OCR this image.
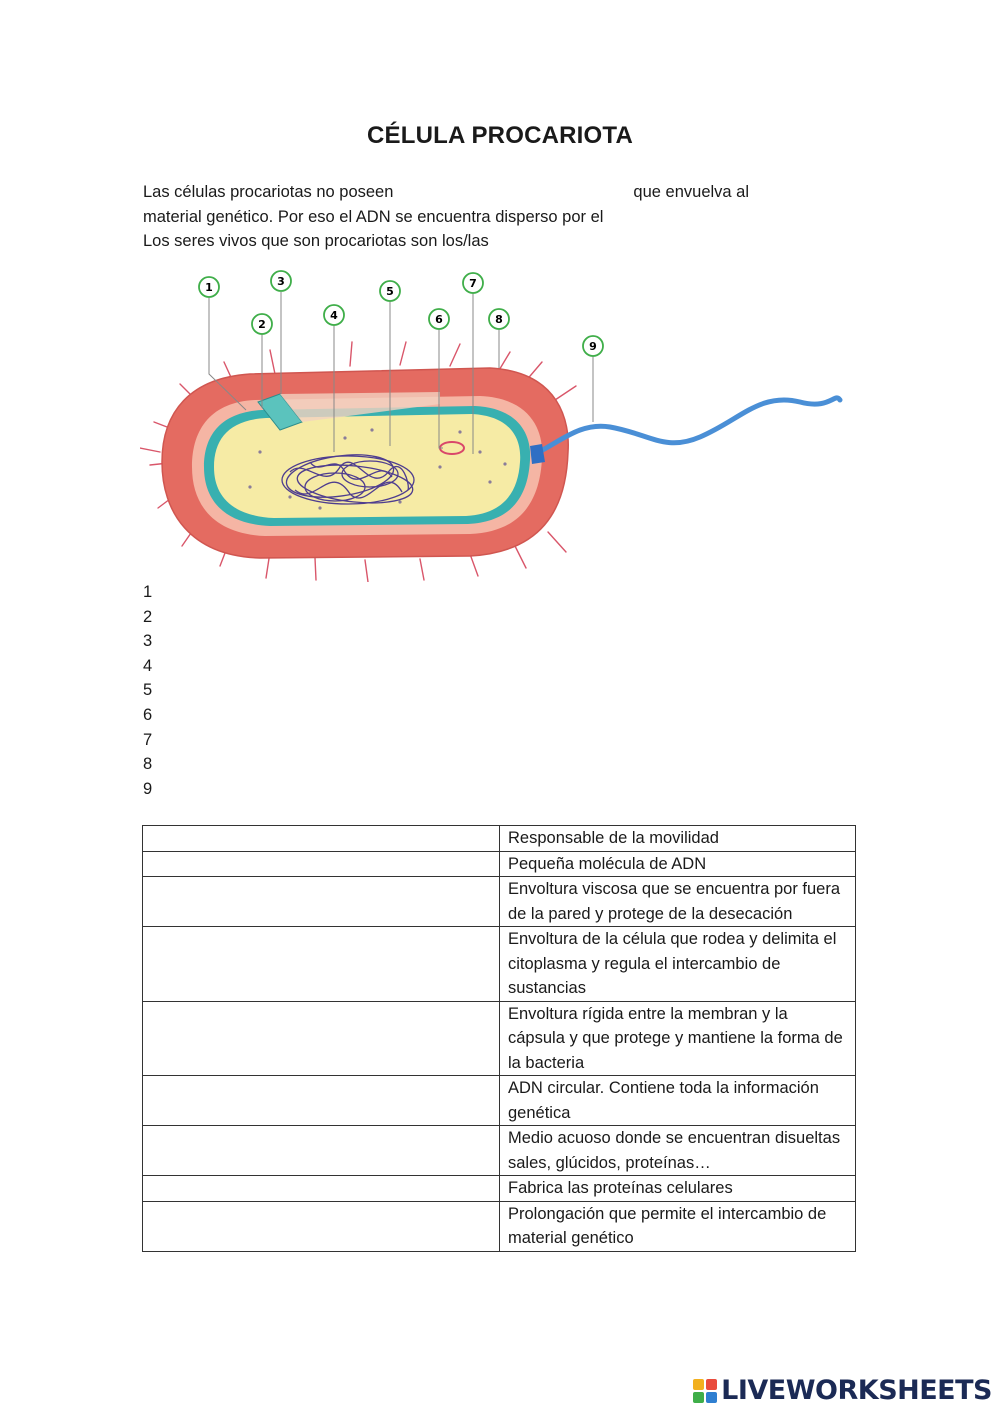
CÉLULA PROCARIOTA
Las células procariotas no poseen	que envuelva al
material genético. Por eso el ADN se encuentra disperso por el
Los seres vivos que son procariotas son los/las
1
2
3
4
5
6
7
8
9
1
2
3
4
5
6
7
8
9
	Responsable de la movilidad
	Pequeña molécula de ADN
	Envoltura viscosa que se encuentra por fuera de la pared y protege de la desecación
	Envoltura de la célula que rodea y delimita el citoplasma y regula el intercambio de sustancias
	Envoltura rígida entre la membran y la cápsula y que protege y mantiene la forma de la bacteria
	ADN circular. Contiene toda la información genética
	Medio acuoso donde se encuentran disueltas sales, glúcidos, proteínas…
	Fabrica las proteínas celulares
	Prolongación que permite el intercambio de material genético
LIVEWORKSHEETS
